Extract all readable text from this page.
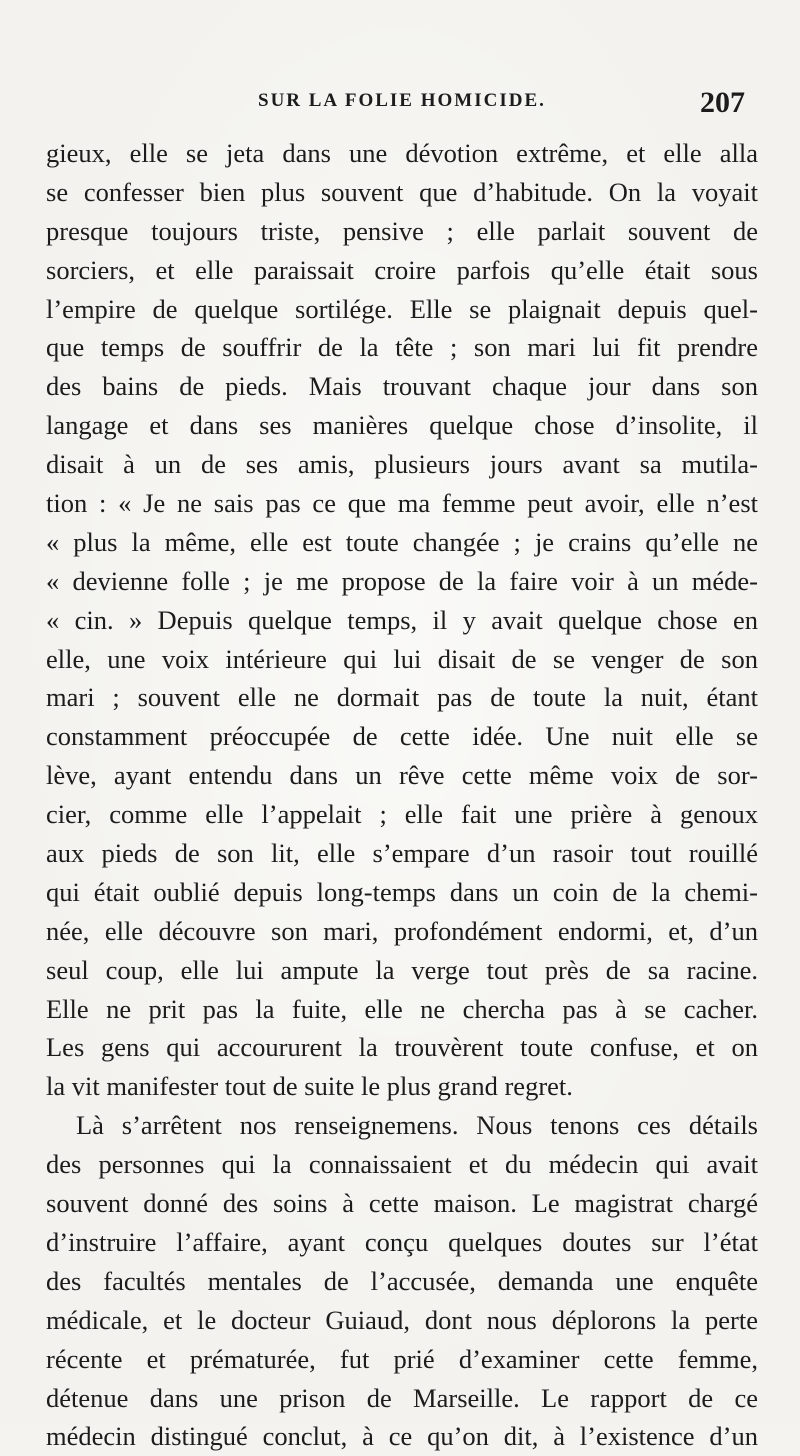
SUR LA FOLIE HOMICIDE.	207
gieux, elle se jeta dans une dévotion extrême, et elle alla
se confesser bien plus souvent que d’habitude. On la voyait
presque toujours triste, pensive ; elle parlait souvent de
sorciers, et elle paraissait croire parfois qu’elle était sous
l’empire de quelque sortilége. Elle se plaignait depuis quel-
que temps de souffrir de la tête ; son mari lui fit prendre
des bains de pieds. Mais trouvant chaque jour dans son
langage et dans ses manières quelque chose d’insolite, il
disait à un de ses amis, plusieurs jours avant sa mutila-
tion : « Je ne sais pas ce que ma femme peut avoir, elle n’est
« plus la même, elle est toute changée ; je crains qu’elle ne
« devienne folle ; je me propose de la faire voir à un méde-
« cin. » Depuis quelque temps, il y avait quelque chose en
elle, une voix intérieure qui lui disait de se venger de son
mari ; souvent elle ne dormait pas de toute la nuit, étant
constamment préoccupée de cette idée. Une nuit elle se
lève, ayant entendu dans un rêve cette même voix de sor-
cier, comme elle l’appelait ; elle fait une prière à genoux
aux pieds de son lit, elle s’empare d’un rasoir tout rouillé
qui était oublié depuis long-temps dans un coin de la chemi-
née, elle découvre son mari, profondément endormi, et, d’un
seul coup, elle lui ampute la verge tout près de sa racine.
Elle ne prit pas la fuite, elle ne chercha pas à se cacher.
Les gens qui accoururent la trouvèrent toute confuse, et on
la vit manifester tout de suite le plus grand regret.
Là s’arrêtent nos renseignemens. Nous tenons ces détails
des personnes qui la connaissaient et du médecin qui avait
souvent donné des soins à cette maison. Le magistrat chargé
d’instruire l’affaire, ayant conçu quelques doutes sur l’état
des facultés mentales de l’accusée, demanda une enquête
médicale, et le docteur Guiaud, dont nous déplorons la perte
récente et prématurée, fut prié d’examiner cette femme,
détenue dans une prison de Marseille. Le rapport de ce
médecin distingué conclut, à ce qu’on dit, à l’existence d’un
